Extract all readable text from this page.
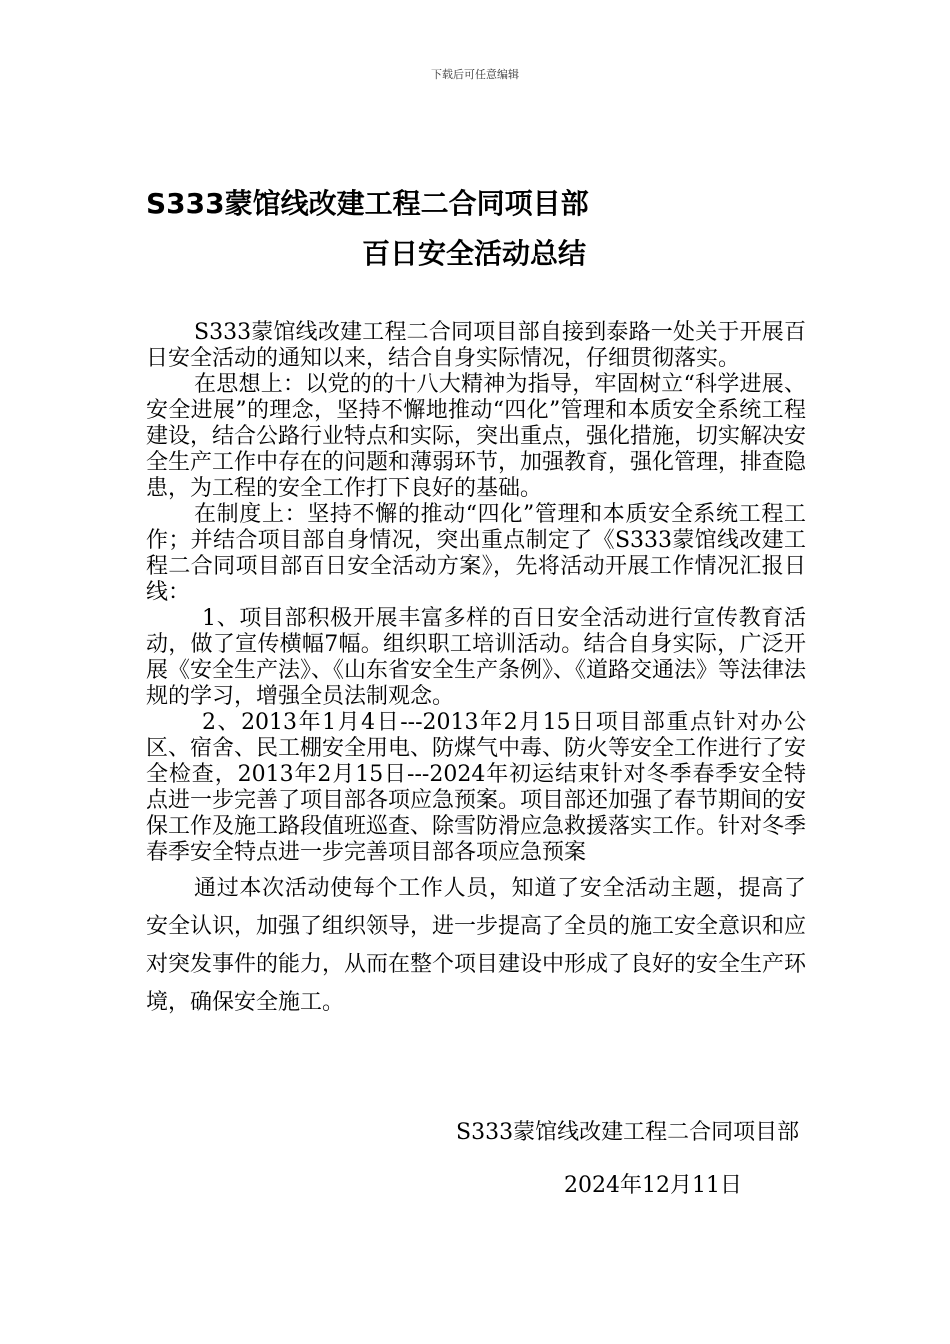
下载后可任意编辑
S333蒙馆线改建工程二合同项目部
百日安全活动总结

S333蒙馆线改建工程二合同项目部自接到泰路一处关于开展百日安全活动的通知以来，结合自身实际情况，仔细贯彻落实。

在思想上：以党的的十八大精神为指导，牢固树立“科学进展、安全进展”的理念，坚持不懈地推动“四化”管理和本质安全系统工程建设，结合公路行业特点和实际，突出重点，强化措施，切实解决安全生产工作中存在的问题和薄弱环节，加强教育，强化管理，排查隐患，为工程的安全工作打下良好的基础。

在制度上：坚持不懈的推动“四化”管理和本质安全系统工程工作；并结合项目部自身情况，突出重点制定了《S333蒙馆线改建工程二合同项目部百日安全活动方案》，先将活动开展工作情况汇报日线：

1、项目部积极开展丰富多样的百日安全活动进行宣传教育活动，做了宣传横幅7幅。组织职工培训活动。结合自身实际，广泛开展《安全生产法》、《山东省安全生产条例》、《道路交通法》等法律法规的学习，增强全员法制观念。

2、2013年1月4日---2013年2月15日项目部重点针对办公区、宿舍、民工棚安全用电、防煤气中毒、防火等安全工作进行了安全检查，2013年2月15日---2024年初运结束针对冬季春季安全特点进一步完善了项目部各项应急预案。项目部还加强了春节期间的安保工作及施工路段值班巡查、除雪防滑应急救援落实工作。针对冬季春季安全特点进一步完善项目部各项应急预案

通过本次活动使每个工作人员，知道了安全活动主题，提高了安全认识，加强了组织领导，进一步提高了全员的施工安全意识和应对突发事件的能力，从而在整个项目建设中形成了良好的安全生产环境，确保安全施工。

S333蒙馆线改建工程二合同项目部
2024年12月11日
